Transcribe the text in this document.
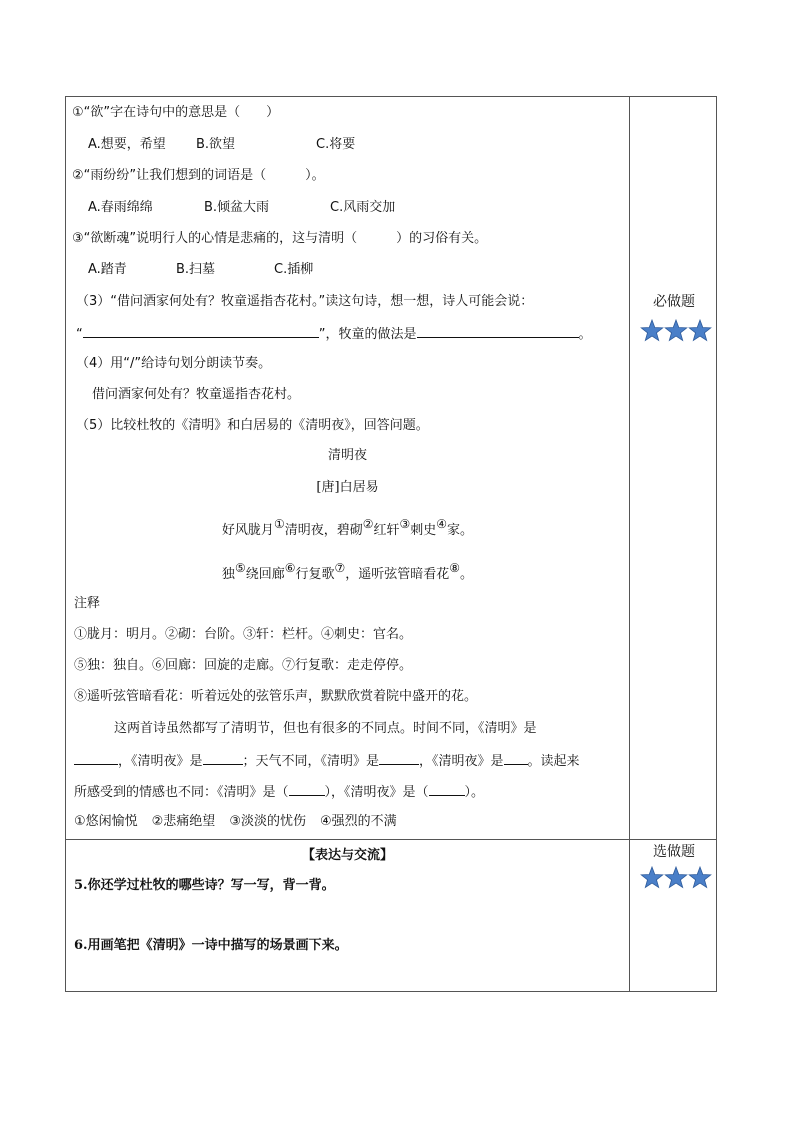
①“欲”字在诗句中的意思是（　　）
A.想要，希望 B.欲望	C.将要
②“雨纷纷”让我们想到的词语是（　　　）。
A.春雨绵绵	B.倾盆大雨	C.风雨交加
③“欲断魂”说明行人的心情是悲痛的，这与清明（　　　）的习俗有关。
A.踏青	B.扫墓	C.插柳
（3）“借问酒家何处有？牧童遥指杏花村。”读这句诗，想一想，诗人可能会说：
“	”，牧童的做法是	。
（4）用“/”给诗句划分朗读节奏。
借问酒家何处有？牧童遥指杏花村。
（5）比较杜牧的《清明》和白居易的《清明夜》，回答问题。
清明夜
[唐]白居易
好风胧月①清明夜，碧砌②红轩③刺史④家。
独⑤绕回廊⑥行复歌⑦，遥听弦管暗看花⑧。
注释
①胧月：明月。②砌：台阶。③轩：栏杆。④刺史：官名。
⑤独：独自。⑥回廊：回旋的走廊。⑦行复歌：走走停停。
⑧遥听弦管暗看花：听着远处的弦管乐声，默默欣赏着院中盛开的花。
这两首诗虽然都写了清明节，但也有很多的不同点。时间不同，《清明》是
，《清明夜》是	；天气不同，《清明》是	，《清明夜》是 。读起来
所感受到的情感也不同：《清明》是（	），《清明夜》是（	）。
①悠闲愉悦 ②悲痛绝望 ③淡淡的忧伤 ④强烈的不满
【表达与交流】
5.你还学过杜牧的哪些诗？写一写，背一背。
6.用画笔把《清明》一诗中描写的场景画下来。
必做题
选做题
